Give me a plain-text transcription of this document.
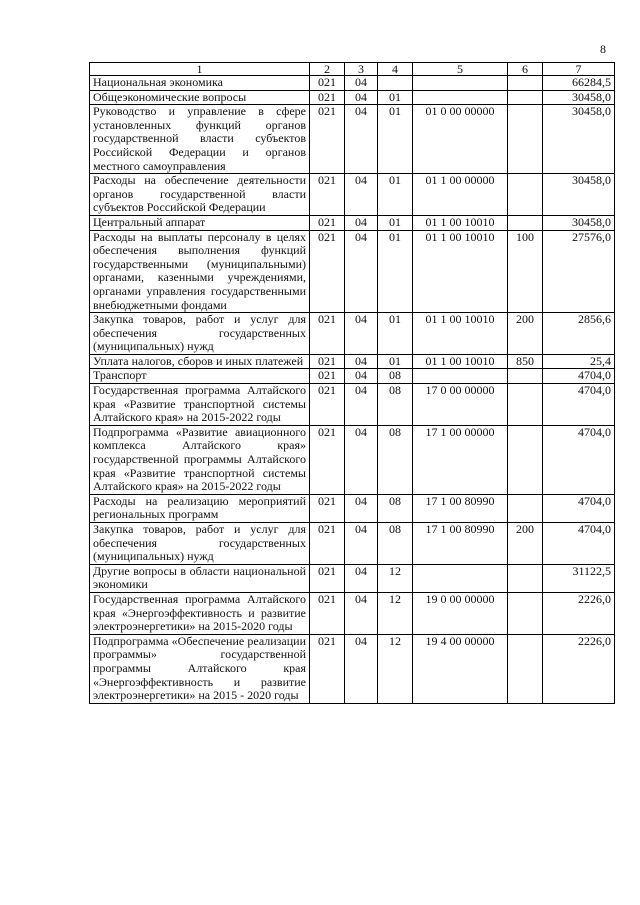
8
1	2	3	4	5	6	7
Национальная экономика	021	04				66284,5
Общеэкономические вопросы	021	04	01			30458,0
Руководство и управление в сфере установленных функций органов государственной власти субъектов Российской Федерации и органов местного самоуправления	021	04	01	01 0 00 00000		30458,0
Расходы на обеспечение деятельности органов государственной власти субъектов Российской Федерации	021	04	01	01 1 00 00000		30458,0
Центральный аппарат	021	04	01	01 1 00 10010		30458,0
Расходы на выплаты персоналу в целях обеспечения выполнения функций государственными (муниципальными) органами, казенными учреждениями, органами управления государственными внебюджетными фондами	021	04	01	01 1 00 10010	100	27576,0
Закупка товаров, работ и услуг для обеспечения государственных (муниципальных) нужд	021	04	01	01 1 00 10010	200	2856,6
Уплата налогов, сборов и иных платежей	021	04	01	01 1 00 10010	850	25,4
Транспорт	021	04	08			4704,0
Государственная программа Алтайского края «Развитие транспортной системы Алтайского края» на 2015-2022 годы	021	04	08	17 0 00 00000		4704,0
Подпрограмма «Развитие авиационного комплекса Алтайского края» государственной программы Алтайского края «Развитие транспортной системы Алтайского края» на 2015-2022 годы	021	04	08	17 1 00 00000		4704,0
Расходы на реализацию мероприятий региональных программ	021	04	08	17 1 00 80990		4704,0
Закупка товаров, работ и услуг для обеспечения государственных (муниципальных) нужд	021	04	08	17 1 00 80990	200	4704,0
Другие вопросы в области национальной экономики	021	04	12			31122,5
Государственная программа Алтайского края «Энергоэффективность и развитие электроэнергетики» на 2015-2020 годы	021	04	12	19 0 00 00000		2226,0
Подпрограмма «Обеспечение реализации программы» государственной программы Алтайского края «Энергоэффективность и развитие электроэнергетики» на 2015 - 2020 годы	021	04	12	19 4 00 00000		2226,0
